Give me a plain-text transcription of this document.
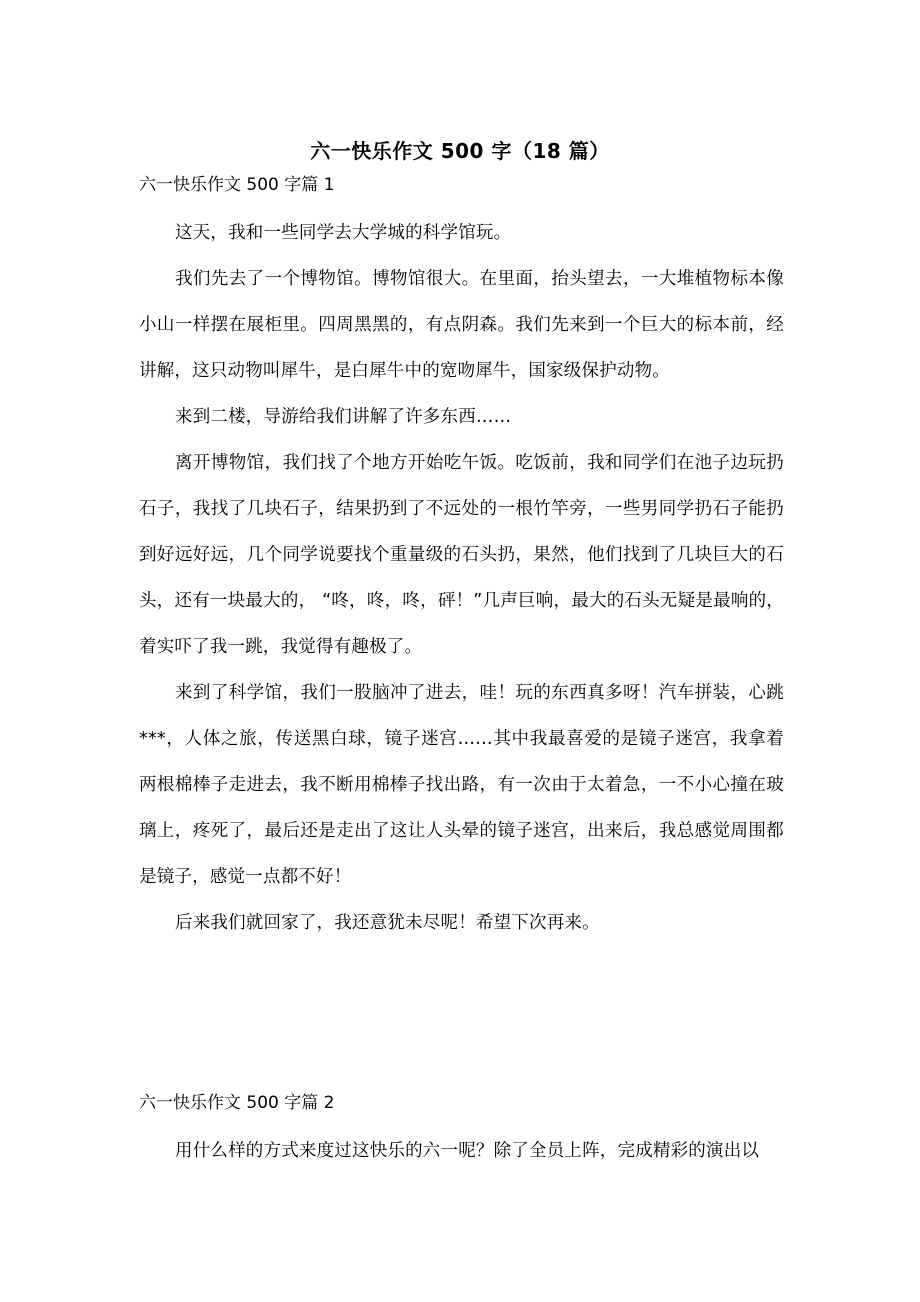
六一快乐作文 500 字（18 篇）
六一快乐作文 500 字篇 1

这天，我和一些同学去大学城的科学馆玩。

我们先去了一个博物馆。博物馆很大。在里面，抬头望去，一大堆植物标本像小山一样摆在展柜里。四周黑黑的，有点阴森。我们先来到一个巨大的标本前，经讲解，这只动物叫犀牛，是白犀牛中的宽吻犀牛，国家级保护动物。

来到二楼，导游给我们讲解了许多东西……

离开博物馆，我们找了个地方开始吃午饭。吃饭前，我和同学们在池子边玩扔石子，我找了几块石子，结果扔到了不远处的一根竹竿旁，一些男同学扔石子能扔到好远好远，几个同学说要找个重量级的石头扔，果然，他们找到了几块巨大的石头，还有一块最大的， “咚，咚，咚，砰！”几声巨响，最大的石头无疑是最响的，着实吓了我一跳，我觉得有趣极了。

来到了科学馆，我们一股脑冲了进去，哇！玩的东西真多呀！汽车拼装，心跳***，人体之旅，传送黑白球，镜子迷宫……其中我最喜爱的是镜子迷宫，我拿着两根棉棒子走进去，我不断用棉棒子找出路，有一次由于太着急，一不小心撞在玻璃上，疼死了，最后还是走出了这让人头晕的镜子迷宫，出来后，我总感觉周围都是镜子，感觉一点都不好！

后来我们就回家了，我还意犹未尽呢！希望下次再来。

六一快乐作文 500 字篇 2

用什么样的方式来度过这快乐的六一呢？除了全员上阵，完成精彩的演出以
